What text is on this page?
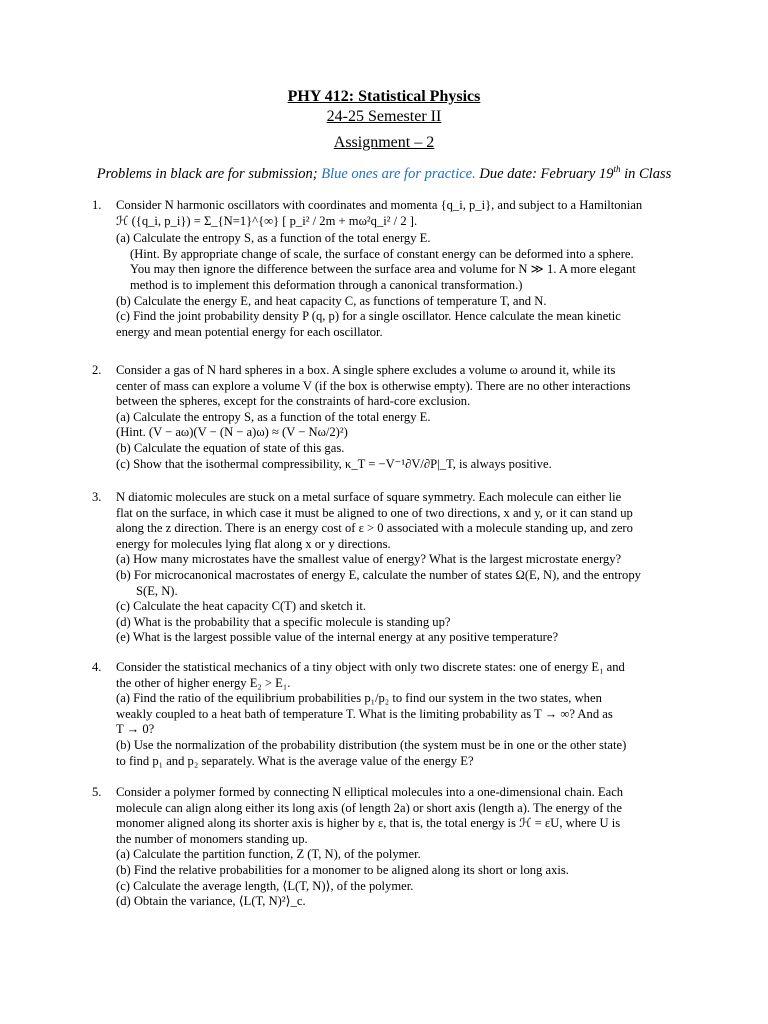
PHY 412: Statistical Physics
24-25 Semester II
Assignment – 2
Problems in black are for submission; Blue ones are for practice. Due date: February 19th in Class
1.	Consider N harmonic oscillators with coordinates and momenta {q_i, p_i}, and subject to a Hamiltonian
ℋ ({q_i, p_i}) = Σ_{N=1}^{∞} [ p_i² / 2m + mω²q_i² / 2 ].
(a) Calculate the entropy S, as a function of the total energy E.
(Hint. By appropriate change of scale, the surface of constant energy can be deformed into a sphere.
You may then ignore the difference between the surface area and volume for N ≫ 1. A more elegant
method is to implement this deformation through a canonical transformation.)
(b) Calculate the energy E, and heat capacity C, as functions of temperature T, and N.
(c) Find the joint probability density P (q, p) for a single oscillator. Hence calculate the mean kinetic
energy and mean potential energy for each oscillator.
2.	Consider a gas of N hard spheres in a box. A single sphere excludes a volume ω around it, while its
center of mass can explore a volume V (if the box is otherwise empty). There are no other interactions
between the spheres, except for the constraints of hard-core exclusion.
(a) Calculate the entropy S, as a function of the total energy E.
(Hint. (V − aω)(V − (N − a)ω) ≈ (V − Nω/2)²)
(b) Calculate the equation of state of this gas.
(c) Show that the isothermal compressibility, κ_T = −V⁻¹∂V/∂P|_T, is always positive.
3.	N diatomic molecules are stuck on a metal surface of square symmetry. Each molecule can either lie
flat on the surface, in which case it must be aligned to one of two directions, x and y, or it can stand up
along the z direction. There is an energy cost of ε > 0 associated with a molecule standing up, and zero
energy for molecules lying flat along x or y directions.
(a) How many microstates have the smallest value of energy? What is the largest microstate energy?
(b) For microcanonical macrostates of energy E, calculate the number of states Ω(E, N), and the entropy
S(E, N).
(c) Calculate the heat capacity C(T) and sketch it.
(d) What is the probability that a specific molecule is standing up?
(e) What is the largest possible value of the internal energy at any positive temperature?
4.	Consider the statistical mechanics of a tiny object with only two discrete states: one of energy E₁ and
the other of higher energy E₂ > E₁.
(a) Find the ratio of the equilibrium probabilities p₁/p₂ to find our system in the two states, when
weakly coupled to a heat bath of temperature T. What is the limiting probability as T → ∞? And as
T → 0?
(b) Use the normalization of the probability distribution (the system must be in one or the other state)
to find p₁ and p₂ separately. What is the average value of the energy E?
5.	Consider a polymer formed by connecting N elliptical molecules into a one-dimensional chain. Each
molecule can align along either its long axis (of length 2a) or short axis (length a). The energy of the
monomer aligned along its shorter axis is higher by ε, that is, the total energy is ℋ = εU, where U is
the number of monomers standing up.
(a) Calculate the partition function, Z (T, N), of the polymer.
(b) Find the relative probabilities for a monomer to be aligned along its short or long axis.
(c) Calculate the average length, ⟨L(T, N)⟩, of the polymer.
(d) Obtain the variance, ⟨L(T, N)²⟩_c.
